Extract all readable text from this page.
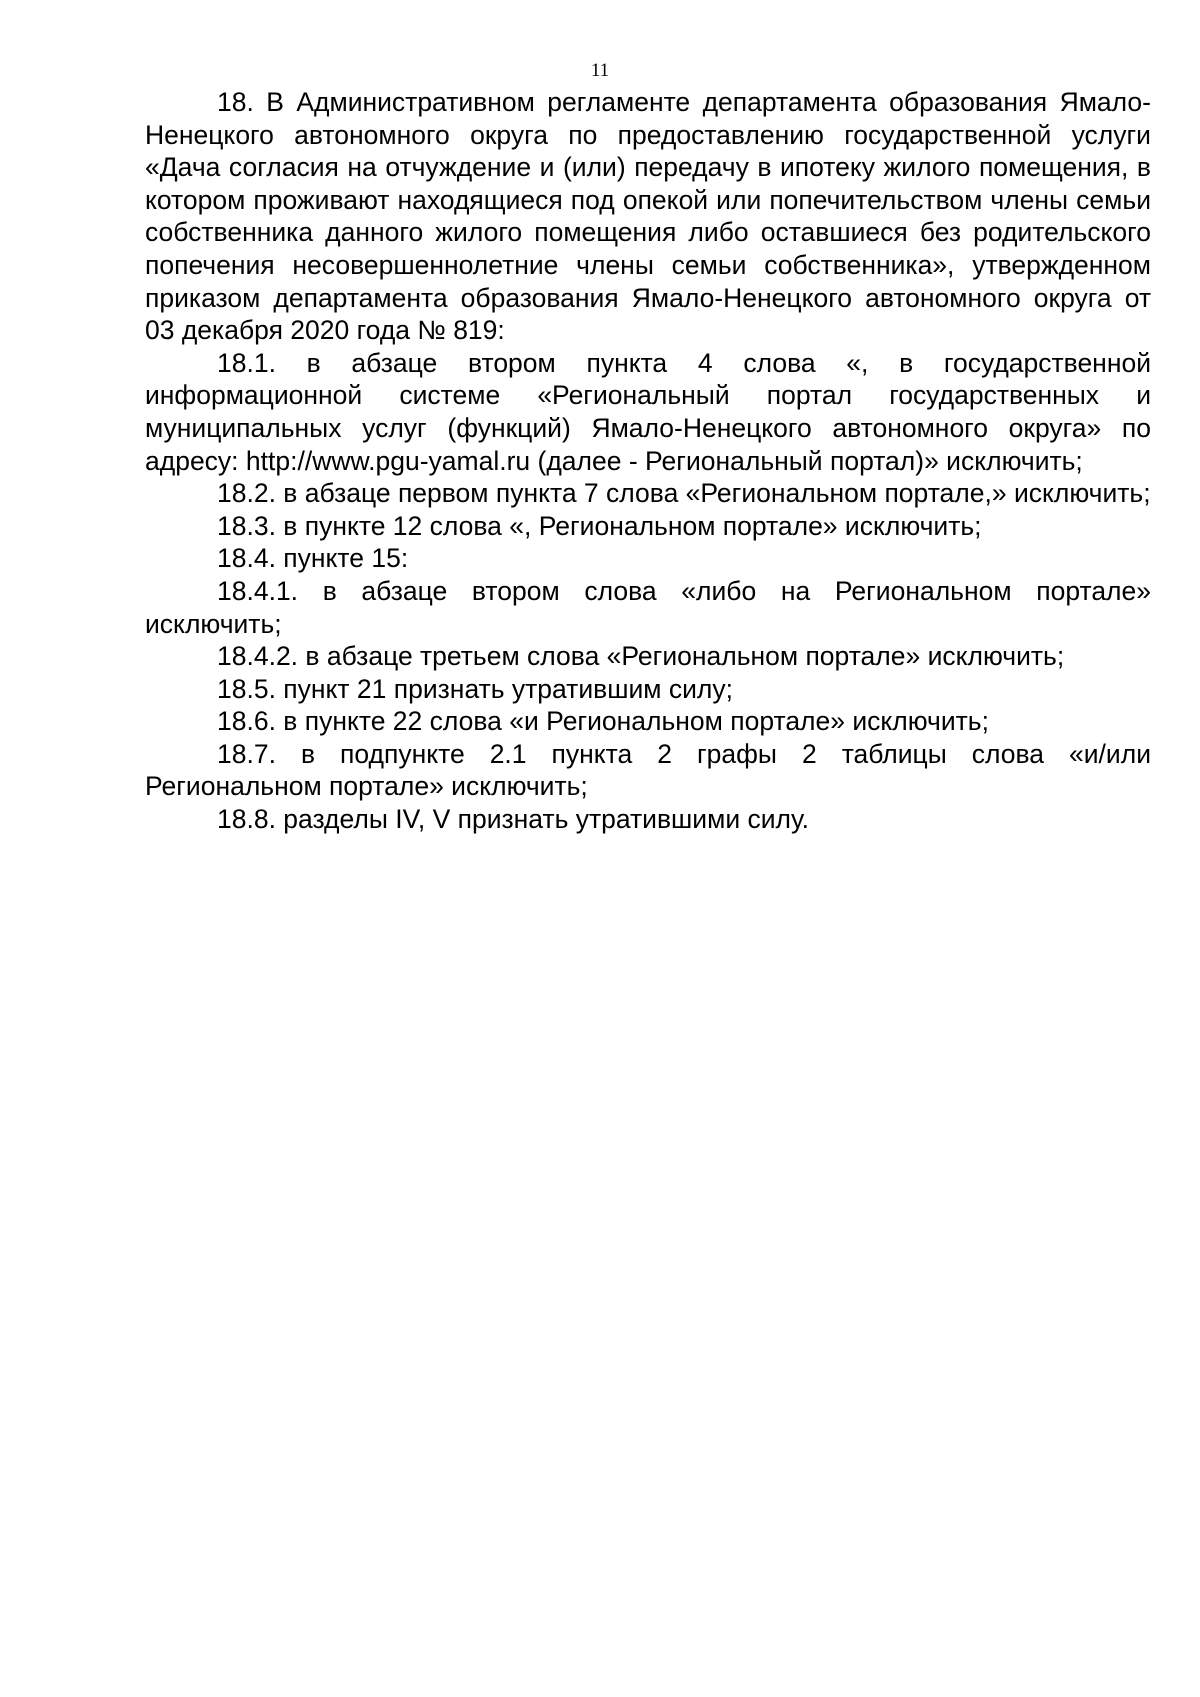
11

18. В Административном регламенте департамента образования Ямало-Ненецкого автономного округа по предоставлению государственной услуги «Дача согласия на отчуждение и (или) передачу в ипотеку жилого помещения, в котором проживают находящиеся под опекой или попечительством члены семьи собственника данного жилого помещения либо оставшиеся без родительского попечения несовершеннолетние члены семьи собственника», утвержденном приказом департамента образования Ямало-Ненецкого автономного округа от 03 декабря 2020 года № 819:

18.1. в абзаце втором пункта 4 слова «, в государственной информационной системе «Региональный портал государственных и муниципальных услуг (функций) Ямало-Ненецкого автономного округа» по адресу: http://www.pgu-yamal.ru (далее - Региональный портал)» исключить;

18.2. в абзаце первом пункта 7 слова «Региональном портале,» исключить;

18.3. в пункте 12 слова «, Региональном портале» исключить;

18.4. пункте 15:

18.4.1. в абзаце втором слова «либо на Региональном портале» исключить;

18.4.2. в абзаце третьем слова «Региональном портале» исключить;

18.5. пункт 21 признать утратившим силу;

18.6. в пункте 22 слова «и Региональном портале» исключить;

18.7. в подпункте 2.1 пункта 2 графы 2 таблицы слова «и/или Региональном портале» исключить;

18.8. разделы IV, V признать утратившими силу.
